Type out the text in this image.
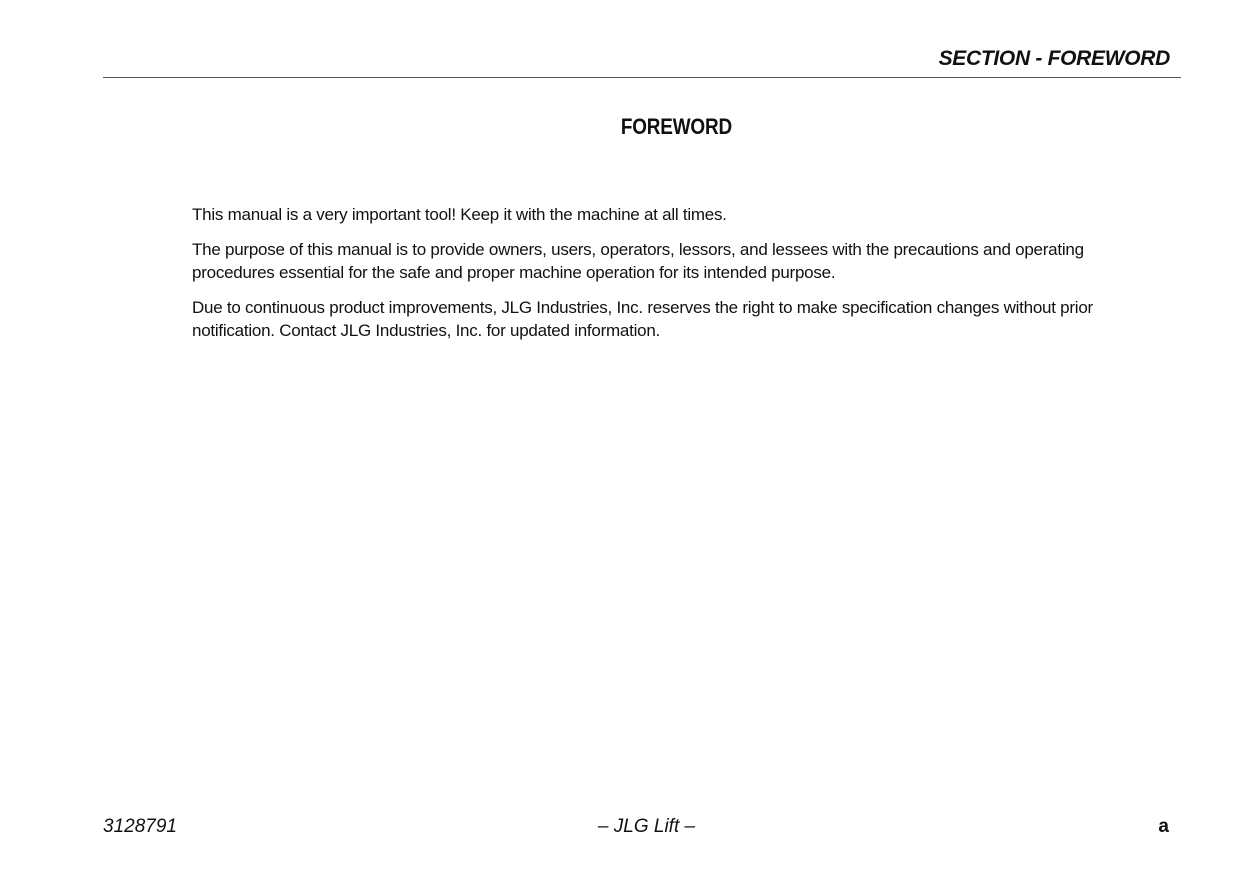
SECTION - FOREWORD
FOREWORD

This manual is a very important tool! Keep it with the machine at all times.

The purpose of this manual is to provide owners, users, operators, lessors, and lessees with the precautions and operating procedures essential for the safe and proper machine operation for its intended purpose.

Due to continuous product improvements, JLG Industries, Inc. reserves the right to make specification changes without prior notification. Contact JLG Industries, Inc. for updated information.

3128791	– JLG Lift –	a
